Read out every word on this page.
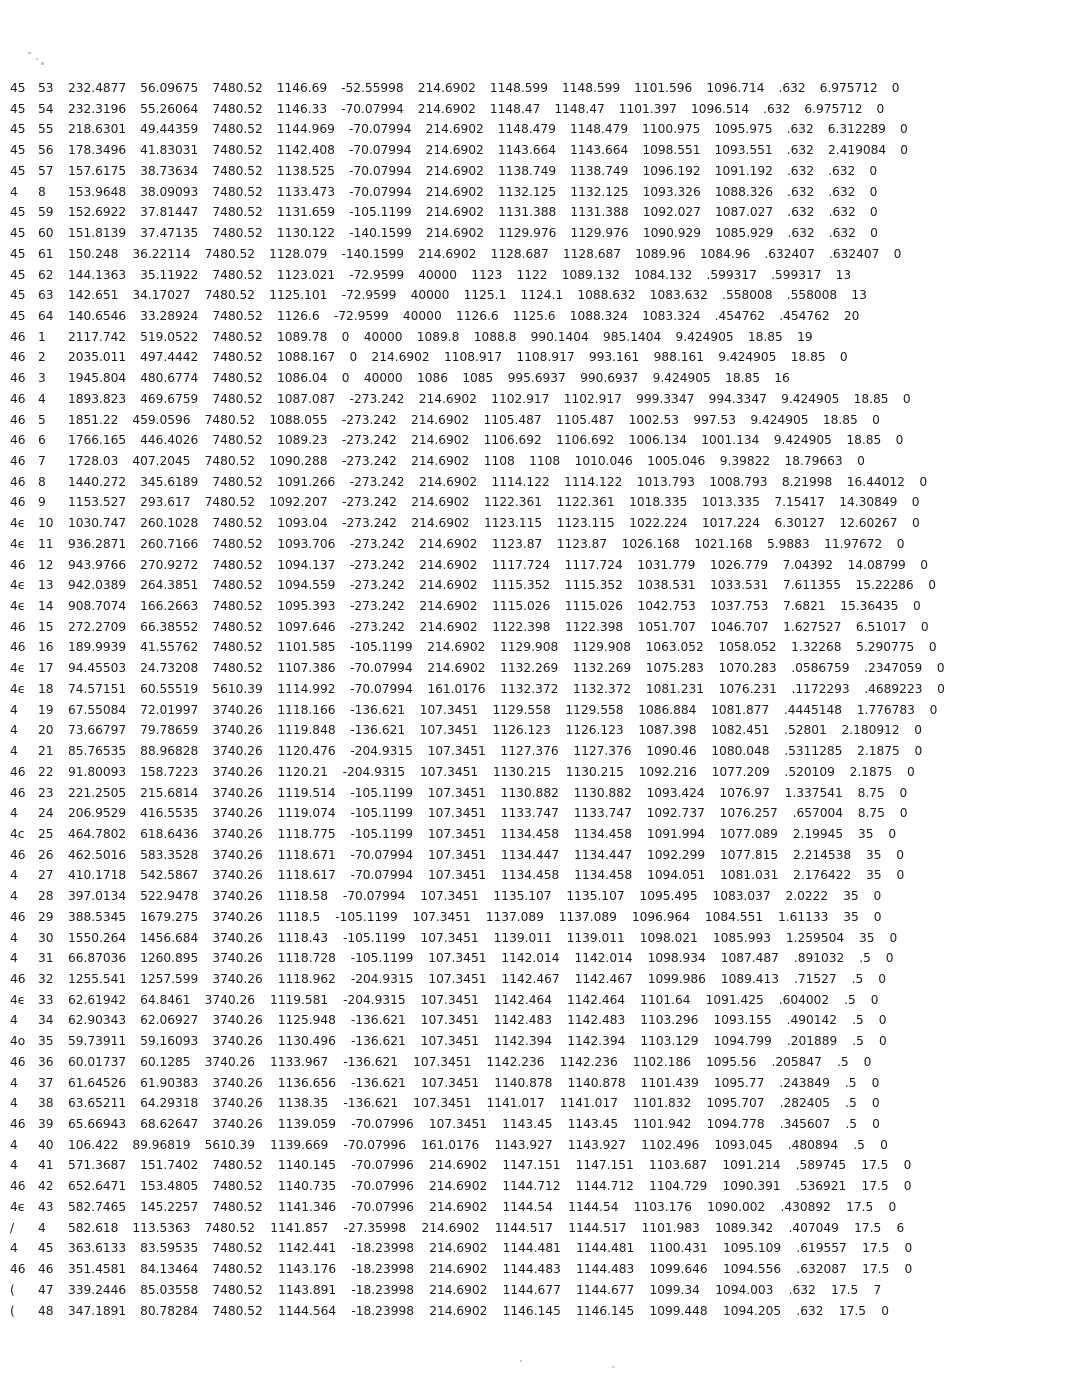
45 53 232.4877 56.09675 7480.52 1146.69 -52.55998 214.6902 1148.599 1148.599 1101.596 1096.714 .632 6.975712 0
45 54 232.3196 55.26064 7480.52 1146.33 -70.07994 214.6902 1148.47 1148.47 1101.397 1096.514 .632 6.975712 0
45 55 218.6301 49.44359 7480.52 1144.969 -70.07994 214.6902 1148.479 1148.479 1100.975 1095.975 .632 6.312289 0
45 56 178.3496 41.83031 7480.52 1142.408 -70.07994 214.6902 1143.664 1143.664 1098.551 1093.551 .632 2.419084 0
45 57 157.6175 38.73634 7480.52 1138.525 -70.07994 214.6902 1138.749 1138.749 1096.192 1091.192 .632 .632 0
4 8 153.9648 38.09093 7480.52 1133.473 -70.07994 214.6902 1132.125 1132.125 1093.326 1088.326 .632 .632 0
45 59 152.6922 37.81447 7480.52 1131.659 -105.1199 214.6902 1131.388 1131.388 1092.027 1087.027 .632 .632 0
45 60 151.8139 37.47135 7480.52 1130.122 -140.1599 214.6902 1129.976 1129.976 1090.929 1085.929 .632 .632 0
45 61 150.248 36.22114 7480.52 1128.079 -140.1599 214.6902 1128.687 1128.687 1089.96 1084.96 .632407 .632407 0
45 62 144.1363 35.11922 7480.52 1123.021 -72.9599 40000 1123 1122 1089.132 1084.132 .599317 .599317 13
45 63 142.651 34.17027 7480.52 1125.101 -72.9599 40000 1125.1 1124.1 1088.632 1083.632 .558008 .558008 13
45 64 140.6546 33.28924 7480.52 1126.6 -72.9599 40000 1126.6 1125.6 1088.324 1083.324 .454762 .454762 20
46 1 2117.742 519.0522 7480.52 1089.78 0 40000 1089.8 1088.8 990.1404 985.1404 9.424905 18.85 19
46 2 2035.011 497.4442 7480.52 1088.167 0 214.6902 1108.917 1108.917 993.161 988.161 9.424905 18.85 0
46 3 1945.804 480.6774 7480.52 1086.04 0 40000 1086 1085 995.6937 990.6937 9.424905 18.85 16
46 4 1893.823 469.6759 7480.52 1087.087 -273.242 214.6902 1102.917 1102.917 999.3347 994.3347 9.424905 18.85 0
46 5 1851.22 459.0596 7480.52 1088.055 -273.242 214.6902 1105.487 1105.487 1002.53 997.53 9.424905 18.85 0
46 6 1766.165 446.4026 7480.52 1089.23 -273.242 214.6902 1106.692 1106.692 1006.134 1001.134 9.424905 18.85 0
46 7 1728.03 407.2045 7480.52 1090.288 -273.242 214.6902 1108 1108 1010.046 1005.046 9.39822 18.79663 0
46 8 1440.272 345.6189 7480.52 1091.266 -273.242 214.6902 1114.122 1114.122 1013.793 1008.793 8.21998 16.44012 0
46 9 1153.527 293.617 7480.52 1092.207 -273.242 214.6902 1122.361 1122.361 1018.335 1013.335 7.15417 14.30849 0
4ϵ 10 1030.747 260.1028 7480.52 1093.04 -273.242 214.6902 1123.115 1123.115 1022.224 1017.224 6.30127 12.60267 0
4ϵ 11 936.2871 260.7166 7480.52 1093.706 -273.242 214.6902 1123.87 1123.87 1026.168 1021.168 5.9883 11.97672 0
46 12 943.9766 270.9272 7480.52 1094.137 -273.242 214.6902 1117.724 1117.724 1031.779 1026.779 7.04392 14.08799 0
4ϵ 13 942.0389 264.3851 7480.52 1094.559 -273.242 214.6902 1115.352 1115.352 1038.531 1033.531 7.611355 15.22286 0
4ϵ 14 908.7074 166.2663 7480.52 1095.393 -273.242 214.6902 1115.026 1115.026 1042.753 1037.753 7.6821 15.36435 0
46 15 272.2709 66.38552 7480.52 1097.646 -273.242 214.6902 1122.398 1122.398 1051.707 1046.707 1.627527 6.51017 0
46 16 189.9939 41.55762 7480.52 1101.585 -105.1199 214.6902 1129.908 1129.908 1063.052 1058.052 1.32268 5.290775 0
4ϵ 17 94.45503 24.73208 7480.52 1107.386 -70.07994 214.6902 1132.269 1132.269 1075.283 1070.283 .0586759 .2347059 0
4ϵ 18 74.57151 60.55519 5610.39 1114.992 -70.07994 161.0176 1132.372 1132.372 1081.231 1076.231 .1172293 .4689223 0
4 19 67.55084 72.01997 3740.26 1118.166 -136.621 107.3451 1129.558 1129.558 1086.884 1081.877 .4445148 1.776783 0
4 20 73.66797 79.78659 3740.26 1119.848 -136.621 107.3451 1126.123 1126.123 1087.398 1082.451 .52801 2.180912 0
4 21 85.76535 88.96828 3740.26 1120.476 -204.9315 107.3451 1127.376 1127.376 1090.46 1080.048 .5311285 2.1875 0
46 22 91.80093 158.7223 3740.26 1120.21 -204.9315 107.3451 1130.215 1130.215 1092.216 1077.209 .520109 2.1875 0
46 23 221.2505 215.6814 3740.26 1119.514 -105.1199 107.3451 1130.882 1130.882 1093.424 1076.97 1.337541 8.75 0
4 24 206.9529 416.5535 3740.26 1119.074 -105.1199 107.3451 1133.747 1133.747 1092.737 1076.257 .657004 8.75 0
4c 25 464.7802 618.6436 3740.26 1118.775 -105.1199 107.3451 1134.458 1134.458 1091.994 1077.089 2.19945 35 0
46 26 462.5016 583.3528 3740.26 1118.671 -70.07994 107.3451 1134.447 1134.447 1092.299 1077.815 2.214538 35 0
4 27 410.1718 542.5867 3740.26 1118.617 -70.07994 107.3451 1134.458 1134.458 1094.051 1081.031 2.176422 35 0
4 28 397.0134 522.9478 3740.26 1118.58 -70.07994 107.3451 1135.107 1135.107 1095.495 1083.037 2.0222 35 0
46 29 388.5345 1679.275 3740.26 1118.5 -105.1199 107.3451 1137.089 1137.089 1096.964 1084.551 1.61133 35 0
4 30 1550.264 1456.684 3740.26 1118.43 -105.1199 107.3451 1139.011 1139.011 1098.021 1085.993 1.259504 35 0
4 31 66.87036 1260.895 3740.26 1118.728 -105.1199 107.3451 1142.014 1142.014 1098.934 1087.487 .891032 .5 0
46 32 1255.541 1257.599 3740.26 1118.962 -204.9315 107.3451 1142.467 1142.467 1099.986 1089.413 .71527 .5 0
4ϵ 33 62.61942 64.8461 3740.26 1119.581 -204.9315 107.3451 1142.464 1142.464 1101.64 1091.425 .604002 .5 0
4 34 62.90343 62.06927 3740.26 1125.948 -136.621 107.3451 1142.483 1142.483 1103.296 1093.155 .490142 .5 0
4o 35 59.73911 59.16093 3740.26 1130.496 -136.621 107.3451 1142.394 1142.394 1103.129 1094.799 .201889 .5 0
46 36 60.01737 60.1285 3740.26 1133.967 -136.621 107.3451 1142.236 1142.236 1102.186 1095.56 .205847 .5 0
4 37 61.64526 61.90383 3740.26 1136.656 -136.621 107.3451 1140.878 1140.878 1101.439 1095.77 .243849 .5 0
4 38 63.65211 64.29318 3740.26 1138.35 -136.621 107.3451 1141.017 1141.017 1101.832 1095.707 .282405 .5 0
46 39 65.66943 68.62647 3740.26 1139.059 -70.07996 107.3451 1143.45 1143.45 1101.942 1094.778 .345607 .5 0
4 40 106.422 89.96819 5610.39 1139.669 -70.07996 161.0176 1143.927 1143.927 1102.496 1093.045 .480894 .5 0
4 41 571.3687 151.7402 7480.52 1140.145 -70.07996 214.6902 1147.151 1147.151 1103.687 1091.214 .589745 17.5 0
46 42 652.6471 153.4805 7480.52 1140.735 -70.07996 214.6902 1144.712 1144.712 1104.729 1090.391 .536921 17.5 0
4ϵ 43 582.7465 145.2257 7480.52 1141.346 -70.07996 214.6902 1144.54 1144.54 1103.176 1090.002 .430892 17.5 0
/ 4 582.618 113.5363 7480.52 1141.857 -27.35998 214.6902 1144.517 1144.517 1101.983 1089.342 .407049 17.5 6
4 45 363.6133 83.59535 7480.52 1142.441 -18.23998 214.6902 1144.481 1144.481 1100.431 1095.109 .619557 17.5 0
46 46 351.4581 84.13464 7480.52 1143.176 -18.23998 214.6902 1144.483 1144.483 1099.646 1094.556 .632087 17.5 0
( 47 339.2446 85.03558 7480.52 1143.891 -18.23998 214.6902 1144.677 1144.677 1099.34 1094.003 .632 17.5 7
( 48 347.1891 80.78284 7480.52 1144.564 -18.23998 214.6902 1146.145 1146.145 1099.448 1094.205 .632 17.5 0
